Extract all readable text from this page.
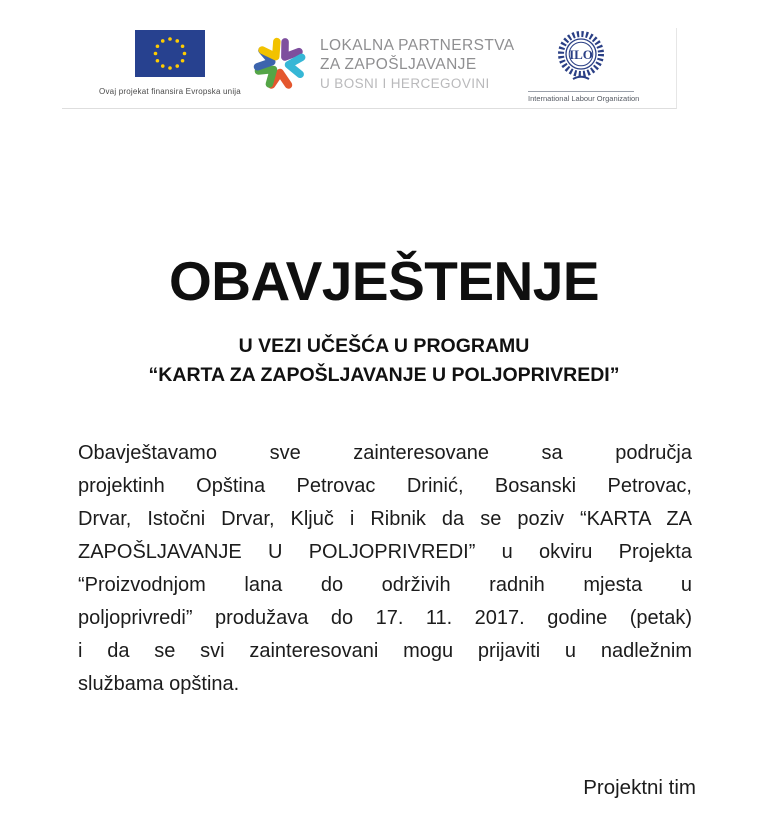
Ovaj projekat finansira Evropska unija
LOKALNA PARTNERSTVA
ZA ZAPOŠLJAVANJE
U BOSNI I HERCEGOVINI
ILO
International Labour Organization
OBAVJEŠTENJE
U VEZI UČEŠĆA U PROGRAMU
“KARTA ZA ZAPOŠLJAVANJE U POLJOPRIVREDI”
Obavještavamo sve zainteresovane sa područja
projektinh Opština Petrovac Drinić, Bosanski Petrovac,
Drvar, Istočni Drvar, Ključ i Ribnik da se poziv “KARTA ZA
ZAPOŠLJAVANJE U POLJOPRIVREDI” u okviru Projekta
“Proizvodnjom lana do održivih radnih mjesta u
poljoprivredi” produžava do 17. 11. 2017. godine (petak)
i da se svi zainteresovani mogu prijaviti u nadležnim
službama opština.
Projektni tim
